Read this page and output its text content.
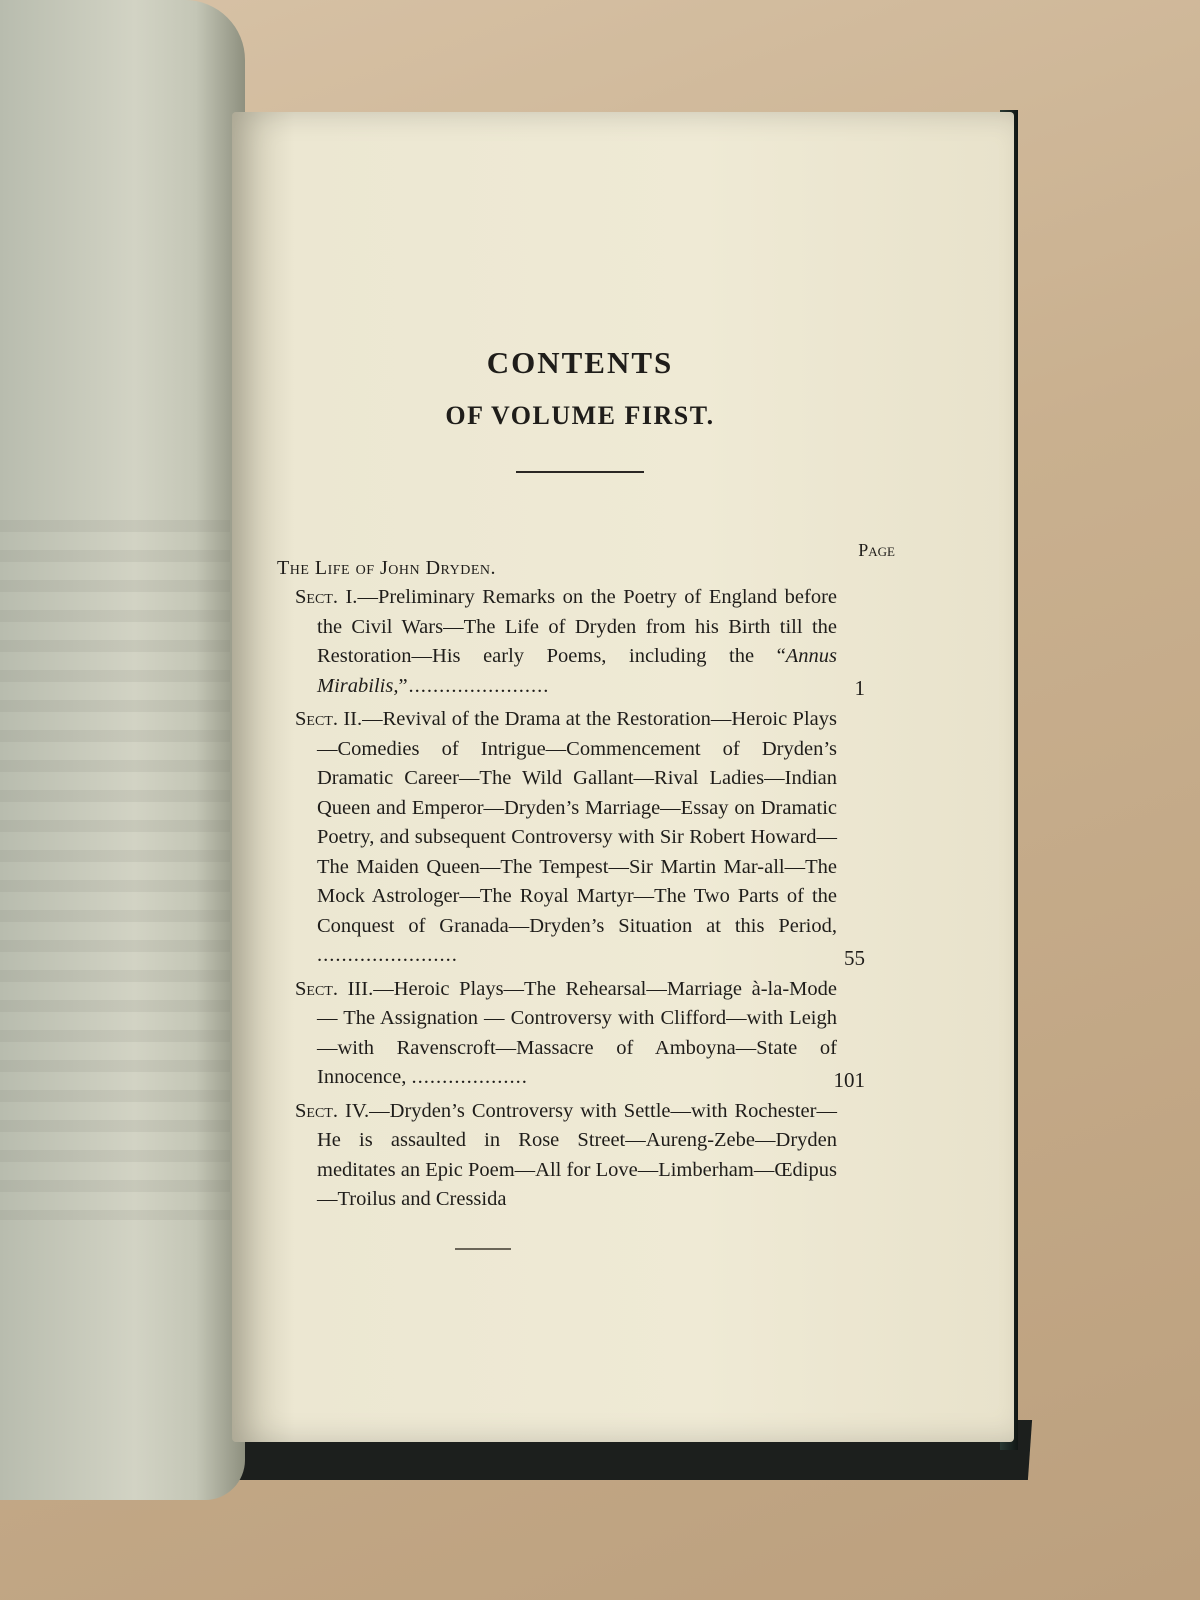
CONTENTS
OF VOLUME FIRST.
Page
The Life of John Dryden.
Sect. I.—Preliminary Remarks on the Poetry of England before the Civil Wars—The Life of Dryden from his Birth till the Restoration—His early Poems, including the “Annus Mirabilis,”.......................	1
Sect. II.—Revival of the Drama at the Restoration—Heroic Plays—Comedies of Intrigue—Commencement of Dryden’s Dramatic Career—The Wild Gallant—Rival Ladies—Indian Queen and Emperor—Dryden’s Marriage—Essay on Dramatic Poetry, and subsequent Controversy with Sir Robert Howard—The Maiden Queen—The Tempest—Sir Martin Mar-all—The Mock Astrologer—The Royal Martyr—The Two Parts of the Conquest of Granada—Dryden’s Situation at this Period, .......................	55
Sect. III.—Heroic Plays—The Rehearsal—Marriage à-la-Mode — The Assignation — Controversy with Clifford—with Leigh—with Ravenscroft—Massacre of Amboyna—State of Innocence, ...................	101
Sect. IV.—Dryden’s Controversy with Settle—with Rochester—He is assaulted in Rose Street—Aureng-Zebe—Dryden meditates an Epic Poem—All for Love—Limberham—Œdipus—Troilus and Cressida
